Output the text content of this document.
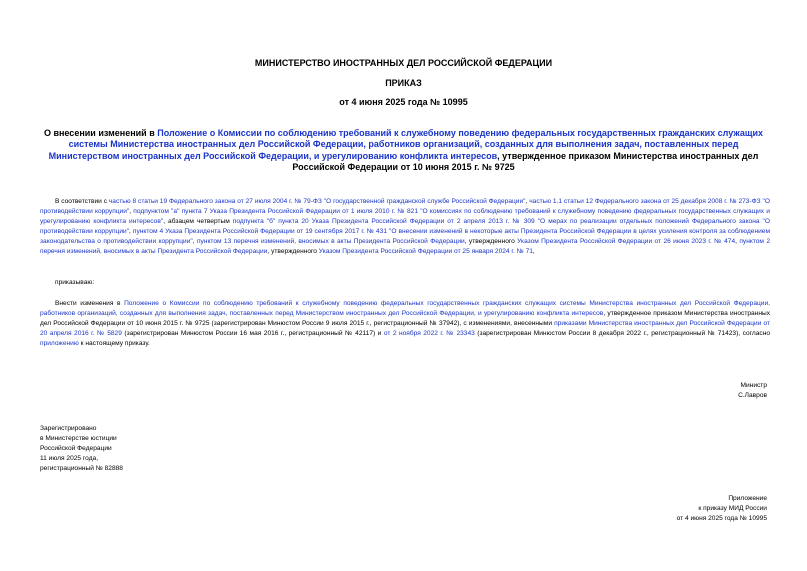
МИНИСТЕРСТВО ИНОСТРАННЫХ ДЕЛ РОССИЙСКОЙ ФЕДЕРАЦИИ
ПРИКАЗ
от 4 июня 2025 года № 10995
О внесении изменений в Положение о Комиссии по соблюдению требований к служебному поведению федеральных государственных гражданских служащих системы Министерства иностранных дел Российской Федерации, работников организаций, созданных для выполнения задач, поставленных перед Министерством иностранных дел Российской Федерации, и урегулированию конфликта интересов, утвержденное приказом Министерства иностранных дел Российской Федерации от 10 июня 2015 г. № 9725
В соответствии с частью 8 статьи 19 Федерального закона от 27 июля 2004 г. № 79-ФЗ "О государственной гражданской службе Российской Федерации", частью 1.1 статьи 12 Федерального закона от 25 декабря 2008 г. № 273-ФЗ "О противодействии коррупции", подпунктом "а" пункта 7 Указа Президента Российской Федерации от 1 июля 2010 г. № 821 "О комиссиях по соблюдению требований к служебному поведению федеральных государственных служащих и урегулированию конфликта интересов", абзацем четвертым подпункта "б" пункта 20 Указа Президента Российской Федерации от 2 апреля 2013 г. № 309 "О мерах по реализации отдельных положений Федерального закона "О противодействии коррупции", пунктом 4 Указа Президента Российской Федерации от 19 сентября 2017 г. № 431 "О внесении изменений в некоторые акты Президента Российской Федерации в целях усиления контроля за соблюдением законодательства о противодействии коррупции", пунктом 13 перечня изменений, вносимых в акты Президента Российской Федерации, утвержденного Указом Президента Российской Федерации от 26 июня 2023 г. № 474, пунктом 2 перечня изменений, вносимых в акты Президента Российской Федерации, утвержденного Указом Президента Российской Федерации от 25 января 2024 г. № 71,
приказываю:
Внести изменения в Положение о Комиссии по соблюдению требований к служебному поведению федеральных государственных гражданских служащих системы Министерства иностранных дел Российской Федерации, работников организаций, созданных для выполнения задач, поставленных перед Министерством иностранных дел Российской Федерации, и урегулированию конфликта интересов, утвержденное приказом Министерства иностранных дел Российской Федерации от 10 июня 2015 г. № 9725 (зарегистрирован Минюстом России 9 июля 2015 г., регистрационный № 37942), с изменениями, внесенными приказами Министерства иностранных дел Российской Федерации от 20 апреля 2016 г. № 5829 (зарегистрирован Минюстом России 16 мая 2016 г., регистрационный № 42117) и от 2 ноября 2022 г. № 23343 (зарегистрирован Минюстом России 8 декабря 2022 г., регистрационный № 71423), согласно приложению к настоящему приказу.
Министр
С.Лавров
Зарегистрировано
в Министерстве юстиции
Российской Федерации
11 июля 2025 года,
регистрационный № 82888
Приложение
к приказу МИД России
от 4 июня 2025 года № 10995
